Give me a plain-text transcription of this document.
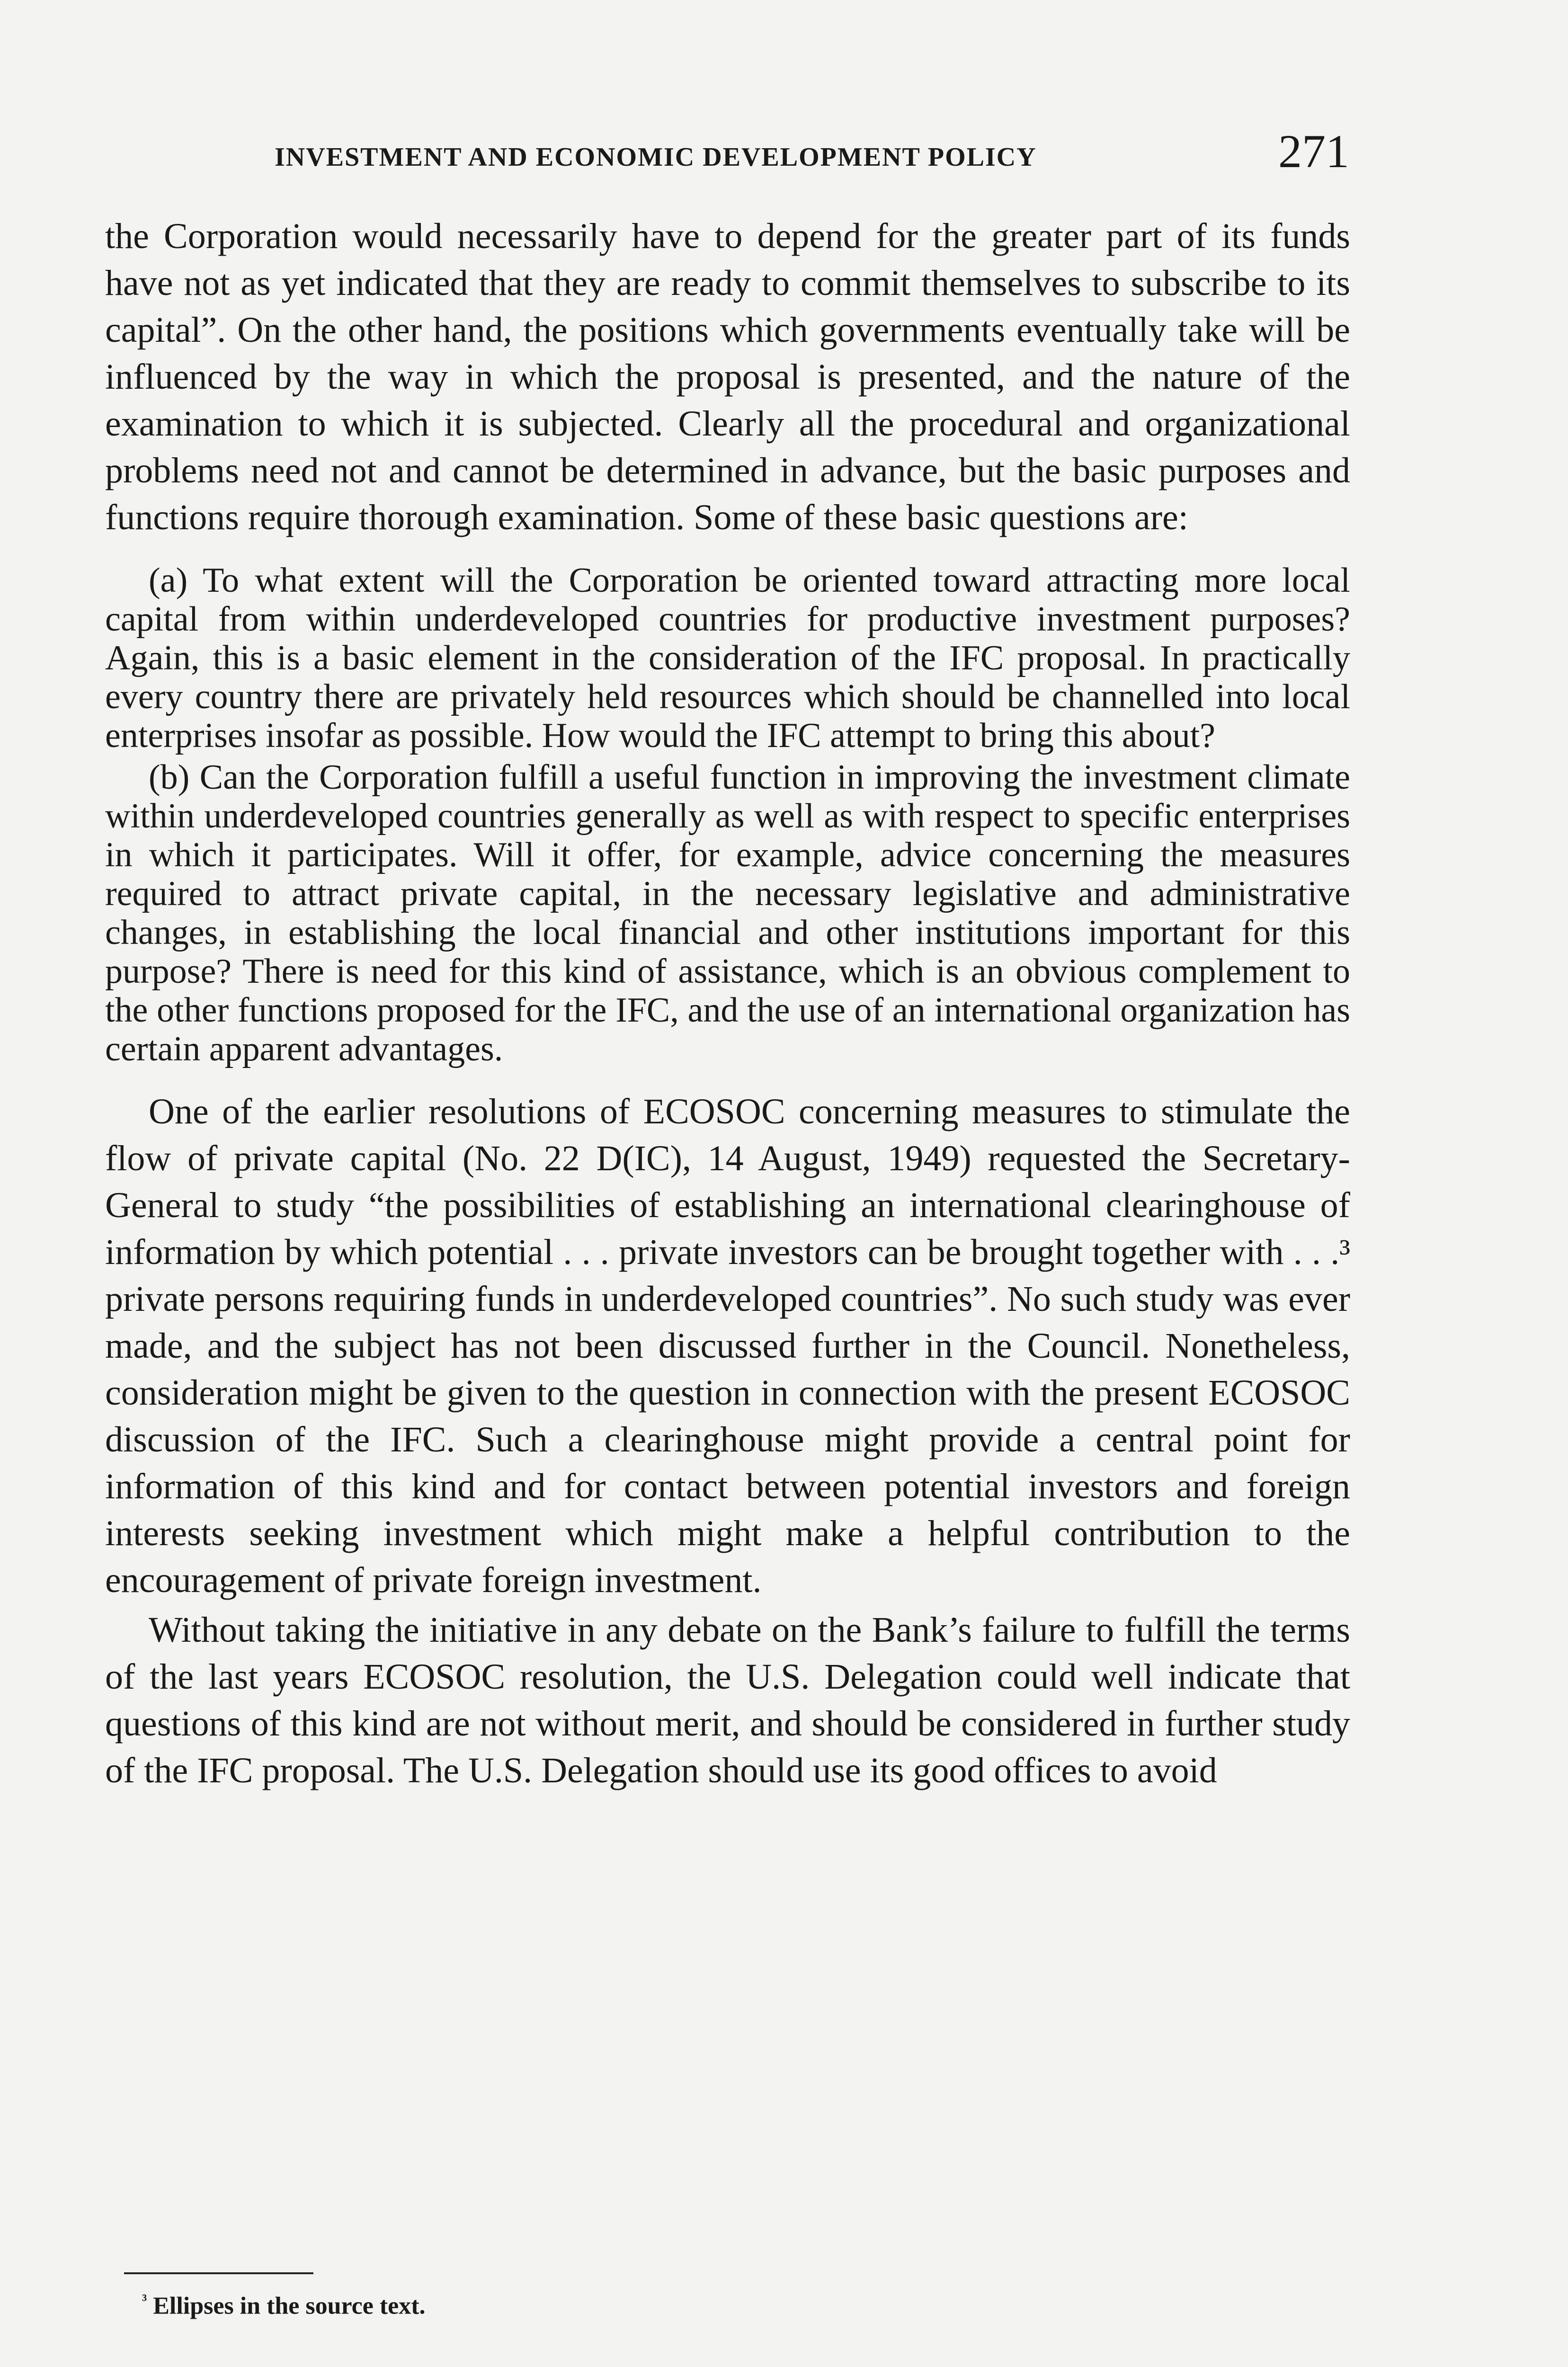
INVESTMENT AND ECONOMIC DEVELOPMENT POLICY	271

the Corporation would necessarily have to depend for the greater part of its funds have not as yet indicated that they are ready to commit themselves to subscribe to its capital”. On the other hand, the positions which governments eventually take will be influenced by the way in which the proposal is presented, and the nature of the examination to which it is subjected. Clearly all the procedural and organizational problems need not and cannot be determined in advance, but the basic purposes and functions require thorough examination. Some of these basic questions are:

(a) To what extent will the Corporation be oriented toward attracting more local capital from within underdeveloped countries for productive investment purposes? Again, this is a basic element in the consideration of the IFC proposal. In practically every country there are privately held resources which should be channelled into local enterprises insofar as possible. How would the IFC attempt to bring this about?

(b) Can the Corporation fulfill a useful function in improving the investment climate within underdeveloped countries generally as well as with respect to specific enterprises in which it participates. Will it offer, for example, advice concerning the measures required to attract private capital, in the necessary legislative and administrative changes, in establishing the local financial and other institutions important for this purpose? There is need for this kind of assistance, which is an obvious complement to the other functions proposed for the IFC, and the use of an international organization has certain apparent advantages.

One of the earlier resolutions of ECOSOC concerning measures to stimulate the flow of private capital (No. 22 D(IC), 14 August, 1949) requested the Secretary-General to study “the possibilities of establishing an international clearinghouse of information by which potential . . . private investors can be brought together with . . .³ private persons requiring funds in underdeveloped countries”. No such study was ever made, and the subject has not been discussed further in the Council. Nonetheless, consideration might be given to the question in connection with the present ECOSOC discussion of the IFC. Such a clearinghouse might provide a central point for information of this kind and for contact between potential investors and foreign interests seeking investment which might make a helpful contribution to the encouragement of private foreign investment.

Without taking the initiative in any debate on the Bank’s failure to fulfill the terms of the last years ECOSOC resolution, the U.S. Delegation could well indicate that questions of this kind are not without merit, and should be considered in further study of the IFC proposal. The U.S. Delegation should use its good offices to avoid

$^{^3}$ Ellipses in the source text.
